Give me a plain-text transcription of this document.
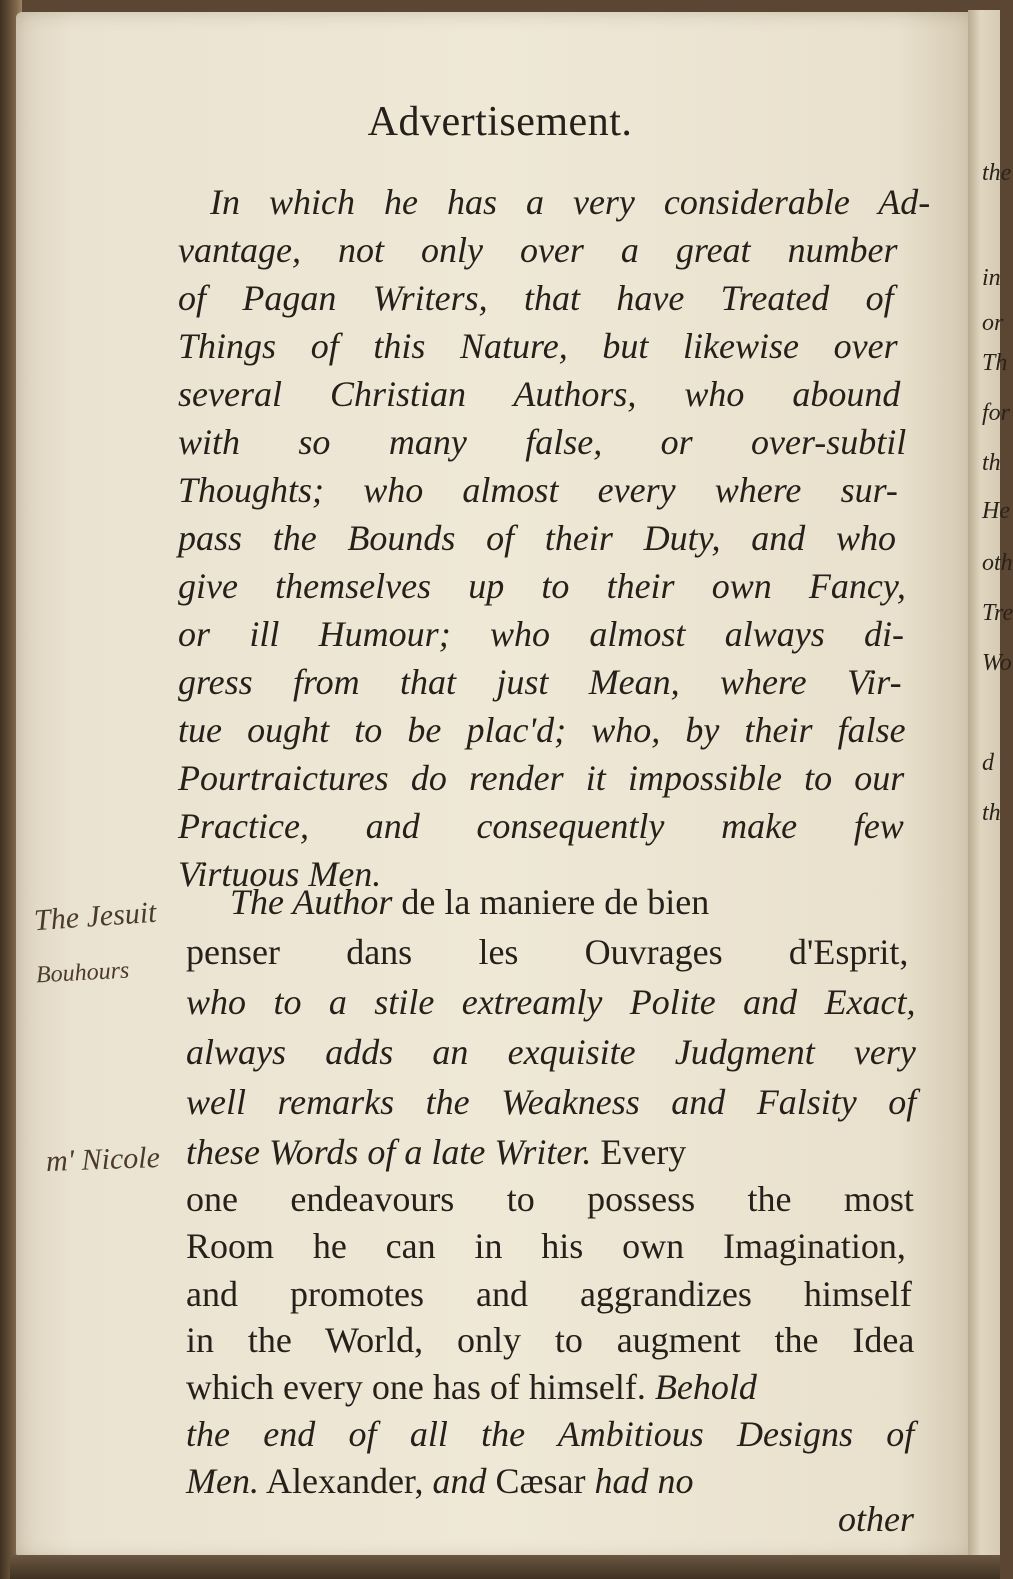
the
in
or
Th
for
th
He
oth
Tre
Wo
d
th
Advertisement.
In which he has a very considerable Ad-
vantage, not only over a great number
of Pagan Writers, that have Treated of
Things of this Nature, but likewise over
several Christian Authors, who abound
with so many false, or over-subtil
Thoughts; who almost every where sur-
pass the Bounds of their Duty, and who
give themselves up to their own Fancy,
or ill Humour; who almost always di-
gress from that just Mean, where Vir-
tue ought to be plac'd; who, by their false
Pourtraictures do render it impossible to our
Practice, and consequently make few
Virtuous Men.
The Author de la maniere de bien
penser dans les Ouvrages d'Esprit,
who to a stile extreamly Polite and Exact,
always adds an exquisite Judgment very
well remarks the Weakness and Falsity of
these Words of a late Writer. Every
one endeavours to possess the most
Room he can in his own Imagination,
and promotes and aggrandizes himself
in the World, only to augment the Idea
which every one has of himself. Behold
the end of all the Ambitious Designs of
Men. Alexander, and Cæsar had no
The Jesuit
Bouhours
m' Nicole
other
